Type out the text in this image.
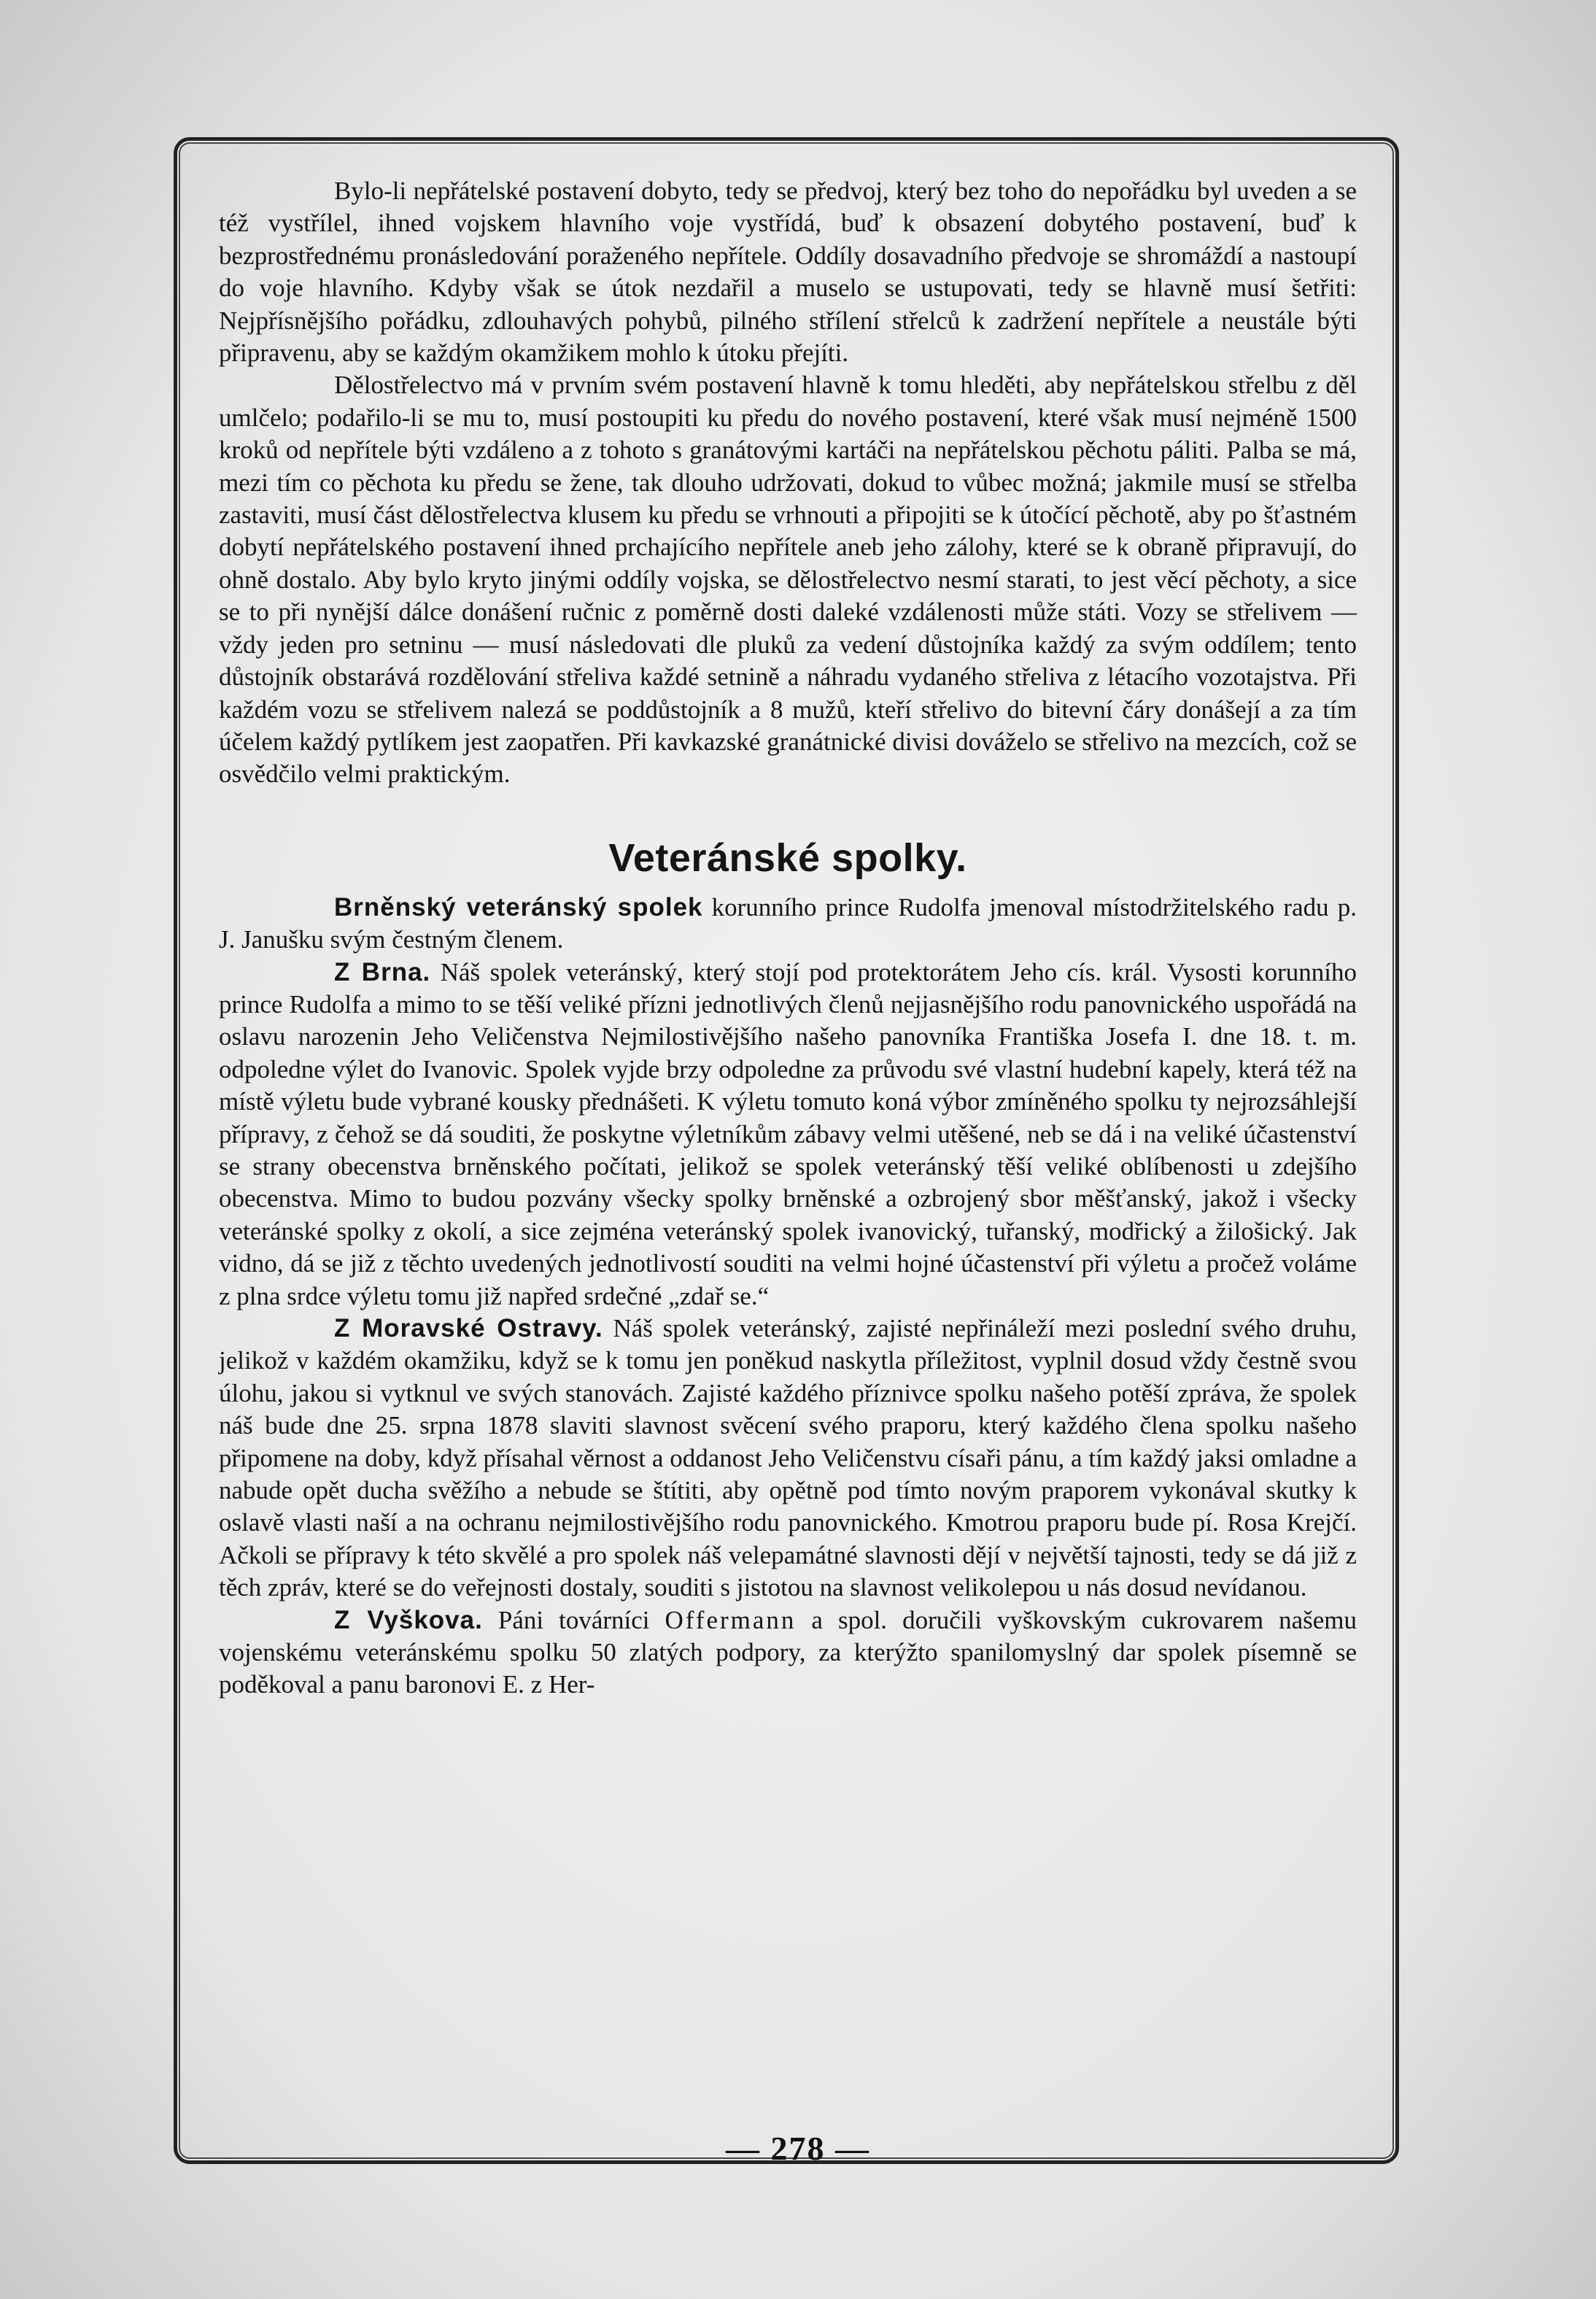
Bylo-li nepřátelské postavení dobyto, tedy se předvoj, který bez toho do nepořádku byl uveden a se též vystřílel, ihned vojskem hlavního voje vystřídá, buď k obsazení dobytého postavení, buď k bezprostřednému pronásledování poraženého nepřítele. Oddíly dosavadního předvoje se shromáždí a nastoupí do voje hlavního. Kdyby však se útok nezdařil a muselo se ustupovati, tedy se hlavně musí šetřiti: Nejpřísnějšího pořádku, zdlouhavých pohybů, pilného střílení střelců k zadržení nepřítele a neustále býti připravenu, aby se každým okamžikem mohlo k útoku přejíti.

Dělostřelectvo má v prvním svém postavení hlavně k tomu hleděti, aby nepřátelskou střelbu z děl umlčelo; podařilo-li se mu to, musí postoupiti ku předu do nového postavení, které však musí nejméně 1500 kroků od nepřítele býti vzdáleno a z tohoto s granátovými kartáči na nepřátelskou pěchotu páliti. Palba se má, mezi tím co pěchota ku předu se žene, tak dlouho udržovati, dokud to vůbec možná; jakmile musí se střelba zastaviti, musí část dělostřelectva klusem ku předu se vrhnouti a připojiti se k útočící pěchotě, aby po šťastném dobytí nepřátelského postavení ihned prchajícího nepřítele aneb jeho zálohy, které se k obraně připravují, do ohně dostalo. Aby bylo kryto jinými oddíly vojska, se dělostřelectvo nesmí starati, to jest věcí pěchoty, a sice se to při nynější dálce donášení ručnic z poměrně dosti daleké vzdálenosti může státi. Vozy se střelivem — vždy jeden pro setninu — musí následovati dle pluků za vedení důstojníka každý za svým oddílem; tento důstojník obstarává rozdělování střeliva každé setnině a náhradu vydaného střeliva z létacího vozotajstva. Při každém vozu se střelivem nalezá se poddůstojník a 8 mužů, kteří střelivo do bitevní čáry donášejí a za tím účelem každý pytlíkem jest zaopatřen. Při kavkazské granátnické divisi dováželo se střelivo na mezcích, což se osvědčilo velmi praktickým.

Veteránské spolky.

Brněnský veteránský spolek korunního prince Rudolfa jmenoval místodržitelského radu p. J. Janušku svým čestným členem.

Z Brna. Náš spolek veteránský, který stojí pod protektorátem Jeho cís. král. Vysosti korunního prince Rudolfa a mimo to se těší veliké přízni jednotlivých členů nejjasnějšího rodu panovnického uspořádá na oslavu narozenin Jeho Veličenstva Nejmilostivějšího našeho panovníka Františka Josefa I. dne 18. t. m. odpoledne výlet do Ivanovic. Spolek vyjde brzy odpoledne za průvodu své vlastní hudební kapely, která též na místě výletu bude vybrané kousky přednášeti. K výletu tomuto koná výbor zmíněného spolku ty nejrozsáhlejší přípravy, z čehož se dá souditi, že poskytne výletníkům zábavy velmi utěšené, neb se dá i na veliké účastenství se strany obecenstva brněnského počítati, jelikož se spolek veteránský těší veliké oblíbenosti u zdejšího obecenstva. Mimo to budou pozvány všecky spolky brněnské a ozbrojený sbor měšťanský, jakož i všecky veteránské spolky z okolí, a sice zejména veteránský spolek ivanovický, tuřanský, modřický a žilošický. Jak vidno, dá se již z těchto uvedených jednotlivostí souditi na velmi hojné účastenství při výletu a pročež voláme z plna srdce výletu tomu již napřed srdečné „zdař se.“

Z Moravské Ostravy. Náš spolek veteránský, zajisté nepřináleží mezi poslední svého druhu, jelikož v každém okamžiku, když se k tomu jen poněkud naskytla příležitost, vyplnil dosud vždy čestně svou úlohu, jakou si vytknul ve svých stanovách. Zajisté každého příznivce spolku našeho potěší zpráva, že spolek náš bude dne 25. srpna 1878 slaviti slavnost svěcení svého praporu, který každého člena spolku našeho připomene na doby, když přísahal věrnost a oddanost Jeho Veličenstvu císaři pánu, a tím každý jaksi omladne a nabude opět ducha svěžího a nebude se štítiti, aby opětně pod tímto novým praporem vykonával skutky k oslavě vlasti naší a na ochranu nejmilostivějšího rodu panovnického. Kmotrou praporu bude pí. Rosa Krejčí. Ačkoli se přípravy k této skvělé a pro spolek náš velepamátné slavnosti dějí v největší tajnosti, tedy se dá již z těch zpráv, které se do veřejnosti dostaly, souditi s jistotou na slavnost velikolepou u nás dosud nevídanou.

Z Vyškova. Páni továrníci Offermann a spol. doručili vyškovským cukrovarem našemu vojenskému veteránskému spolku 50 zlatých podpory, za kterýžto spanilomyslný dar spolek písemně se poděkoval a panu baronovi E. z Her-

— 278 —
